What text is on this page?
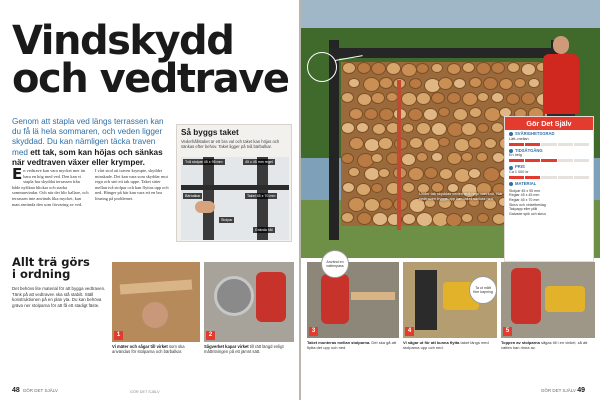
Vindskydd
och vedtrave
Genom att stapla ved längs terrassen kan du få lä hela sommaren, och veden ligger skyddad. Du kan nämligen täcka traven med ett tak, som kan höjas och sänkas när vedtraven växer eller krymper.
En vedtrave kan vara mycket mer än bara en hög med ved. Den kan vi stapla har skyddat terrassen från både nyfikna blickar och starka sommarvindar. Och när det blir kallare, och terrassen inte används lika mycket, kan man använda den som förvaring av ved.
I vårt stod att traven krympte, skyddet minskade. Det kan vara som skyddar mot regn och snö ett tak uppe. Taket sitter mellan två stolpar och kan flyttas upp och ned. Hänger på här kan vara ett en bra lösning på problemet.
Så byggs taket
Vederhållstaket är ett bra val och taket kan höjas och sänkas efter behov. Taket ligger på två bärbalkar.
Två stolpar 45 x 95 mm	45 x 45 mm regel
Bärbalkar	Taket 45 x 70 mm
Stolpar
Grävda hål
Allt trä görs
i ordning
Det behövs lite material för att bygga vedtraven. Tänk på att vedtraven ska stå stabilt. Ställ konstruktionen på en plan yta. Du kan behöva gräva ner stolparna för att få ett stadigt fäste.
1
Vi mäter och sågar till virket som ska användas för stolparna och bärbalkar.
2
Sågverket kapar virket till rätt längd enligt måttritningen på ett jämnt sätt.
48 GÖR DET SJÄLV	GÖR DET SJÄLV
Under tak skyddas veden mot regn och snö. När vedtraven byggs upp kan taket sänkas ned.
Gör Det Själv
SVÅRIGHETSGRAD
Lätt–mellan
TIDSÅTGÅNG
En helg
PRIS
Ca 1 000 kr
MATERIAL
Stolpar 45 x 95 mm
Reglar 45 x 45 mm
Reglar 45 x 70 mm
Skruv och vinkelbeslag
Takpapp eller plåt
Galvade spik och skruv
3
Använd en vattenpass
Taket monteras mellan stolparna. Det ska gå att flytta det upp och ned.
4
Ta ut mått före kapning
Vi sågar ut för att kunna flytta taket längs med stolparna upp och ned.
5
Toppen av stolparna sågas till i en vinkel, så att vatten kan rinna av.
GÖR DET SJÄLV 49
